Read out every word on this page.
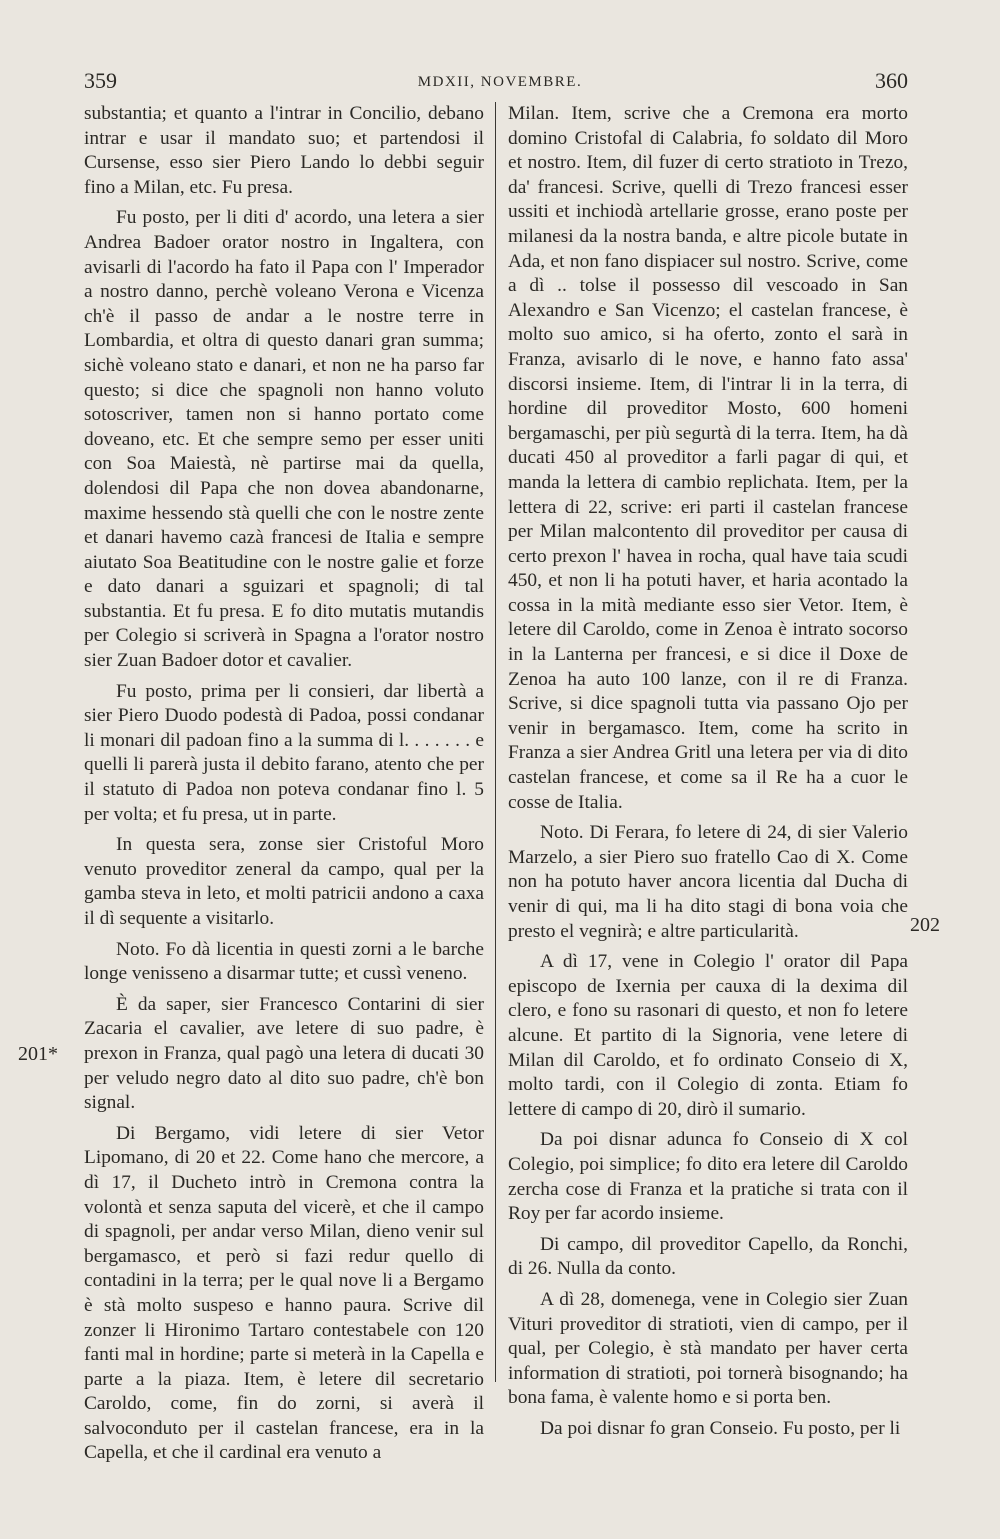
359	MDXII, NOVEMBRE.	360
201*
202

substantia; et quanto a l'intrar in Concilio, debano intrar e usar il mandato suo; et partendosi il Cursense, esso sier Piero Lando lo debbi seguir fino a Milan, etc. Fu presa.

Fu posto, per li diti d' acordo, una letera a sier Andrea Badoer orator nostro in Ingaltera, con avisarli di l'acordo ha fato il Papa con l' Imperador a nostro danno, perchè voleano Verona e Vicenza ch'è il passo de andar a le nostre terre in Lombardia, et oltra di questo danari gran summa; sichè voleano stato e danari, et non ne ha parso far questo; si dice che spagnoli non hanno voluto sotoscriver, tamen non si hanno portato come doveano, etc. Et che sempre semo per esser uniti con Soa Maiestà, nè partirse mai da quella, dolendosi dil Papa che non dovea abandonarne, maxime hessendo stà quelli che con le nostre zente et danari havemo cazà francesi de Italia e sempre aiutato Soa Beatitudine con le nostre galie et forze e dato danari a sguizari et spagnoli; di tal substantia. Et fu presa. E fo dito mutatis mutandis per Colegio si scriverà in Spagna a l'orator nostro sier Zuan Badoer dotor et cavalier.

Fu posto, prima per li consieri, dar libertà a sier Piero Duodo podestà di Padoa, possi condanar li monari dil padoan fino a la summa di l. . . . . . . e quelli li parerà justa il debito farano, atento che per il statuto di Padoa non poteva condanar fino l. 5 per volta; et fu presa, ut in parte.

In questa sera, zonse sier Cristoful Moro venuto proveditor zeneral da campo, qual per la gamba steva in leto, et molti patricii andono a caxa il dì sequente a visitarlo.

Noto. Fo dà licentia in questi zorni a le barche longe venisseno a disarmar tutte; et cussì veneno.

È da saper, sier Francesco Contarini di sier Zacaria el cavalier, ave letere di suo padre, è prexon in Franza, qual pagò una letera di ducati 30 per veludo negro dato al dito suo padre, ch'è bon signal.

Di Bergamo, vidi letere di sier Vetor Lipomano, di 20 et 22. Come hano che mercore, a dì 17, il Ducheto intrò in Cremona contra la volontà et senza saputa del vicerè, et che il campo di spagnoli, per andar verso Milan, dieno venir sul bergamasco, et però si fazi redur quello di contadini in la terra; per le qual nove li a Bergamo è stà molto suspeso e hanno paura. Scrive dil zonzer li Hironimo Tartaro contestabele con 120 fanti mal in hordine; parte si meterà in la Capella e parte a la piaza. Item, è letere dil secretario Caroldo, come, fin do zorni, si averà il salvoconduto per il castelan francese, era in la Capella, et che il cardinal era venuto a

Milan. Item, scrive che a Cremona era morto domino Cristofal di Calabria, fo soldato dil Moro et nostro. Item, dil fuzer di certo stratioto in Trezo, da' francesi. Scrive, quelli di Trezo francesi esser ussiti et inchiodà artellarie grosse, erano poste per milanesi da la nostra banda, e altre picole butate in Ada, et non fano dispiacer sul nostro. Scrive, come a dì .. tolse il possesso dil vescoado in San Alexandro e San Vicenzo; el castelan francese, è molto suo amico, si ha oferto, zonto el sarà in Franza, avisarlo di le nove, e hanno fato assa' discorsi insieme. Item, di l'intrar li in la terra, di hordine dil proveditor Mosto, 600 homeni bergamaschi, per più segurtà di la terra. Item, ha dà ducati 450 al proveditor a farli pagar di qui, et manda la lettera di cambio replichata. Item, per la lettera di 22, scrive: eri parti il castelan francese per Milan malcontento dil proveditor per causa di certo prexon l' havea in rocha, qual have taia scudi 450, et non li ha potuti haver, et haria acontado la cossa in la mità mediante esso sier Vetor. Item, è letere dil Caroldo, come in Zenoa è intrato socorso in la Lanterna per francesi, e si dice il Doxe de Zenoa ha auto 100 lanze, con il re di Franza. Scrive, si dice spagnoli tutta via passano Ojo per venir in bergamasco. Item, come ha scrito in Franza a sier Andrea Gritl una letera per via di dito castelan francese, et come sa il Re ha a cuor le cosse de Italia.

Noto. Di Ferara, fo letere di 24, di sier Valerio Marzelo, a sier Piero suo fratello Cao di X. Come non ha potuto haver ancora licentia dal Ducha di venir di qui, ma li ha dito stagi di bona voia che presto el vegnirà; e altre particularità.

A dì 17, vene in Colegio l' orator dil Papa episcopo de Ixernia per cauxa di la dexima dil clero, e fono su rasonari di questo, et non fo letere alcune. Et partito di la Signoria, vene letere di Milan dil Caroldo, et fo ordinato Conseio di X, molto tardi, con il Colegio di zonta. Etiam fo lettere di campo di 20, dirò il sumario.

Da poi disnar adunca fo Conseio di X col Colegio, poi simplice; fo dito era letere dil Caroldo zercha cose di Franza et la pratiche si trata con il Roy per far acordo insieme.

Di campo, dil proveditor Capello, da Ronchi, di 26. Nulla da conto.

A dì 28, domenega, vene in Colegio sier Zuan Vituri proveditor di stratioti, vien di campo, per il qual, per Colegio, è stà mandato per haver certa information di stratioti, poi tornerà bisognando; ha bona fama, è valente homo e si porta ben.

Da poi disnar fo gran Conseio. Fu posto, per li
